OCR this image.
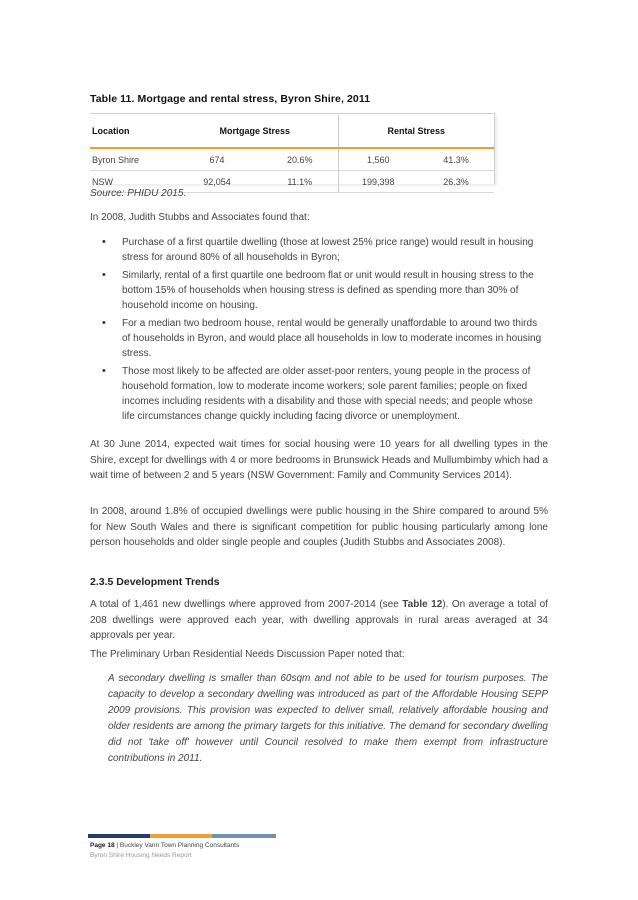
Table 11. Mortgage and rental stress, Byron Shire, 2011
Location	Mortgage Stress		Rental Stress	
Byron Shire	674	20.6%	1,560	41.3%
NSW	92,054	11.1%	199,398	26.3%
Source: PHIDU 2015.
In 2008, Judith Stubbs and Associates found that:
• Purchase of a first quartile dwelling (those at lowest 25% price range) would result in housing stress for around 80% of all households in Byron;
• Similarly, rental of a first quartile one bedroom flat or unit would result in housing stress to the bottom 15% of households when housing stress is defined as spending more than 30% of household income on housing.
• For a median two bedroom house, rental would be generally unaffordable to around two thirds of households in Byron, and would place all households in low to moderate incomes in housing stress.
• Those most likely to be affected are older asset-poor renters, young people in the process of household formation, low to moderate income workers; sole parent families; people on fixed incomes including residents with a disability and those with special needs; and people whose life circumstances change quickly including facing divorce or unemployment.
At 30 June 2014, expected wait times for social housing were 10 years for all dwelling types in the Shire, except for dwellings with 4 or more bedrooms in Brunswick Heads and Mullumbimby which had a wait time of between 2 and 5 years (NSW Government: Family and Community Services 2014).
In 2008, around 1.8% of occupied dwellings were public housing in the Shire compared to around 5% for New South Wales and there is significant competition for public housing particularly among lone person households and older single people and couples (Judith Stubbs and Associates 2008).
2.3.5 Development Trends
A total of 1,461 new dwellings where approved from 2007-2014 (see Table 12). On average a total of 208 dwellings were approved each year, with dwelling approvals in rural areas averaged at 34 approvals per year.
The Preliminary Urban Residential Needs Discussion Paper noted that:
A secondary dwelling is smaller than 60sqm and not able to be used for tourism purposes. The capacity to develop a secondary dwelling was introduced as part of the Affordable Housing SEPP 2009 provisions. This provision was expected to deliver small, relatively affordable housing and older residents are among the primary targets for this initiative. The demand for secondary dwelling did not 'take off' however until Council resolved to make them exempt from infrastructure contributions in 2011.
Page 18 | Buckley Vann Town Planning Consultants
Byron Shire Housing Needs Report
